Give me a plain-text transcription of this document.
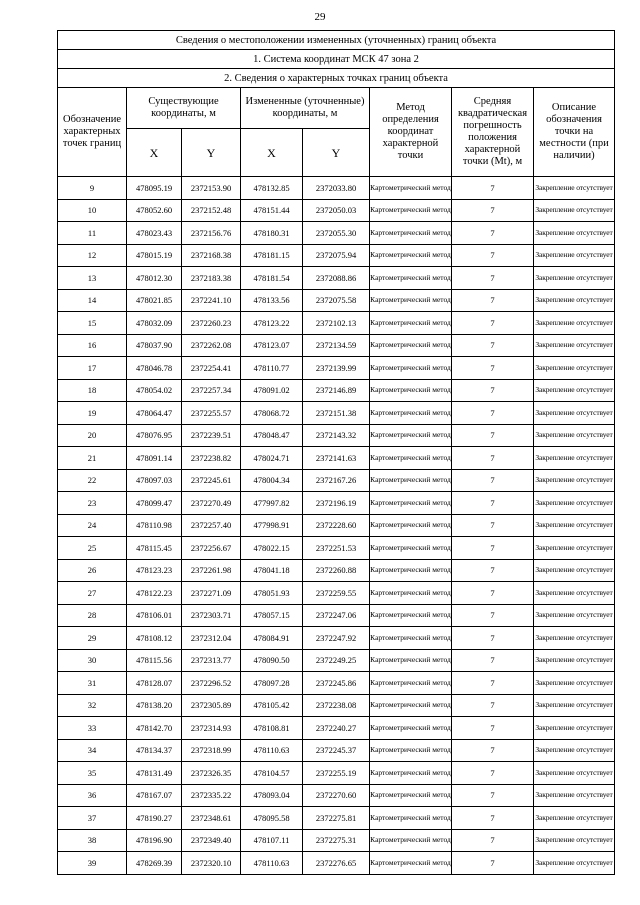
29
Сведения о местоположении измененных (уточненных) границ объекта							
1. Система координат МСК 47 зона 2							
2. Сведения о характерных точках границ объекта							
Обозначение характерных точек границ	Существующие координаты, м		Измененные (уточненные) координаты, м		Метод определения координат характерной точки	Средняя квадратическая погрешность положения характерной точки (Mt), м	Описание обозначения точки на местности (при наличии)
	X	Y	X	Y			
9	478095.19	2372153.90	478132.85	2372033.80	Картометрический метод	7	Закрепление отсутствует
10	478052.60	2372152.48	478151.44	2372050.03	Картометрический метод	7	Закрепление отсутствует
11	478023.43	2372156.76	478180.31	2372055.30	Картометрический метод	7	Закрепление отсутствует
12	478015.19	2372168.38	478181.15	2372075.94	Картометрический метод	7	Закрепление отсутствует
13	478012.30	2372183.38	478181.54	2372088.86	Картометрический метод	7	Закрепление отсутствует
14	478021.85	2372241.10	478133.56	2372075.58	Картометрический метод	7	Закрепление отсутствует
15	478032.09	2372260.23	478123.22	2372102.13	Картометрический метод	7	Закрепление отсутствует
16	478037.90	2372262.08	478123.07	2372134.59	Картометрический метод	7	Закрепление отсутствует
17	478046.78	2372254.41	478110.77	2372139.99	Картометрический метод	7	Закрепление отсутствует
18	478054.02	2372257.34	478091.02	2372146.89	Картометрический метод	7	Закрепление отсутствует
19	478064.47	2372255.57	478068.72	2372151.38	Картометрический метод	7	Закрепление отсутствует
20	478076.95	2372239.51	478048.47	2372143.32	Картометрический метод	7	Закрепление отсутствует
21	478091.14	2372238.82	478024.71	2372141.63	Картометрический метод	7	Закрепление отсутствует
22	478097.03	2372245.61	478004.34	2372167.26	Картометрический метод	7	Закрепление отсутствует
23	478099.47	2372270.49	477997.82	2372196.19	Картометрический метод	7	Закрепление отсутствует
24	478110.98	2372257.40	477998.91	2372228.60	Картометрический метод	7	Закрепление отсутствует
25	478115.45	2372256.67	478022.15	2372251.53	Картометрический метод	7	Закрепление отсутствует
26	478123.23	2372261.98	478041.18	2372260.88	Картометрический метод	7	Закрепление отсутствует
27	478122.23	2372271.09	478051.93	2372259.55	Картометрический метод	7	Закрепление отсутствует
28	478106.01	2372303.71	478057.15	2372247.06	Картометрический метод	7	Закрепление отсутствует
29	478108.12	2372312.04	478084.91	2372247.92	Картометрический метод	7	Закрепление отсутствует
30	478115.56	2372313.77	478090.50	2372249.25	Картометрический метод	7	Закрепление отсутствует
31	478128.07	2372296.52	478097.28	2372245.86	Картометрический метод	7	Закрепление отсутствует
32	478138.20	2372305.89	478105.42	2372238.08	Картометрический метод	7	Закрепление отсутствует
33	478142.70	2372314.93	478108.81	2372240.27	Картометрический метод	7	Закрепление отсутствует
34	478134.37	2372318.99	478110.63	2372245.37	Картометрический метод	7	Закрепление отсутствует
35	478131.49	2372326.35	478104.57	2372255.19	Картометрический метод	7	Закрепление отсутствует
36	478167.07	2372335.22	478093.04	2372270.60	Картометрический метод	7	Закрепление отсутствует
37	478190.27	2372348.61	478095.58	2372275.81	Картометрический метод	7	Закрепление отсутствует
38	478196.90	2372349.40	478107.11	2372275.31	Картометрический метод	7	Закрепление отсутствует
39	478269.39	2372320.10	478110.63	2372276.65	Картометрический метод	7	Закрепление отсутствует
